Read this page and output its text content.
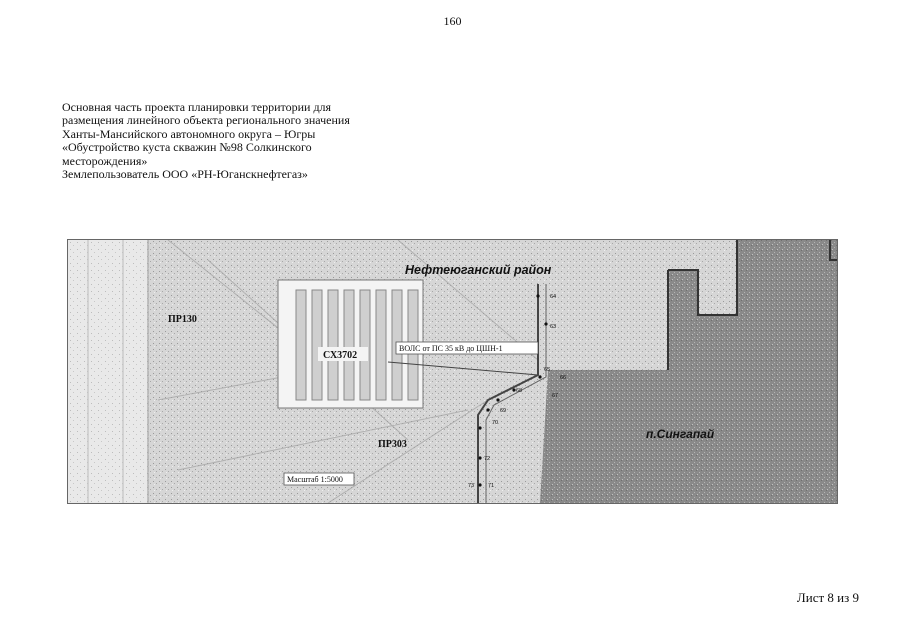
160
Основная часть проекта планировки территории для
размещения линейного объекта регионального значения
Ханты-Мансийского автономного округа – Югры
«Обустройство куста скважин №98 Солкинского
месторождения»
Землепользователь ООО «РН-Юганскнефтегаз»
Нефтеюганский район
п.Сингапай
ПР130
СХ3702
ПР303
ВОЛС от ПС 35 кВ до ЦШН-1
Масштаб 1:5000
64
63
65
66
67
68
69
70
71
72
73
Лист 8 из 9
